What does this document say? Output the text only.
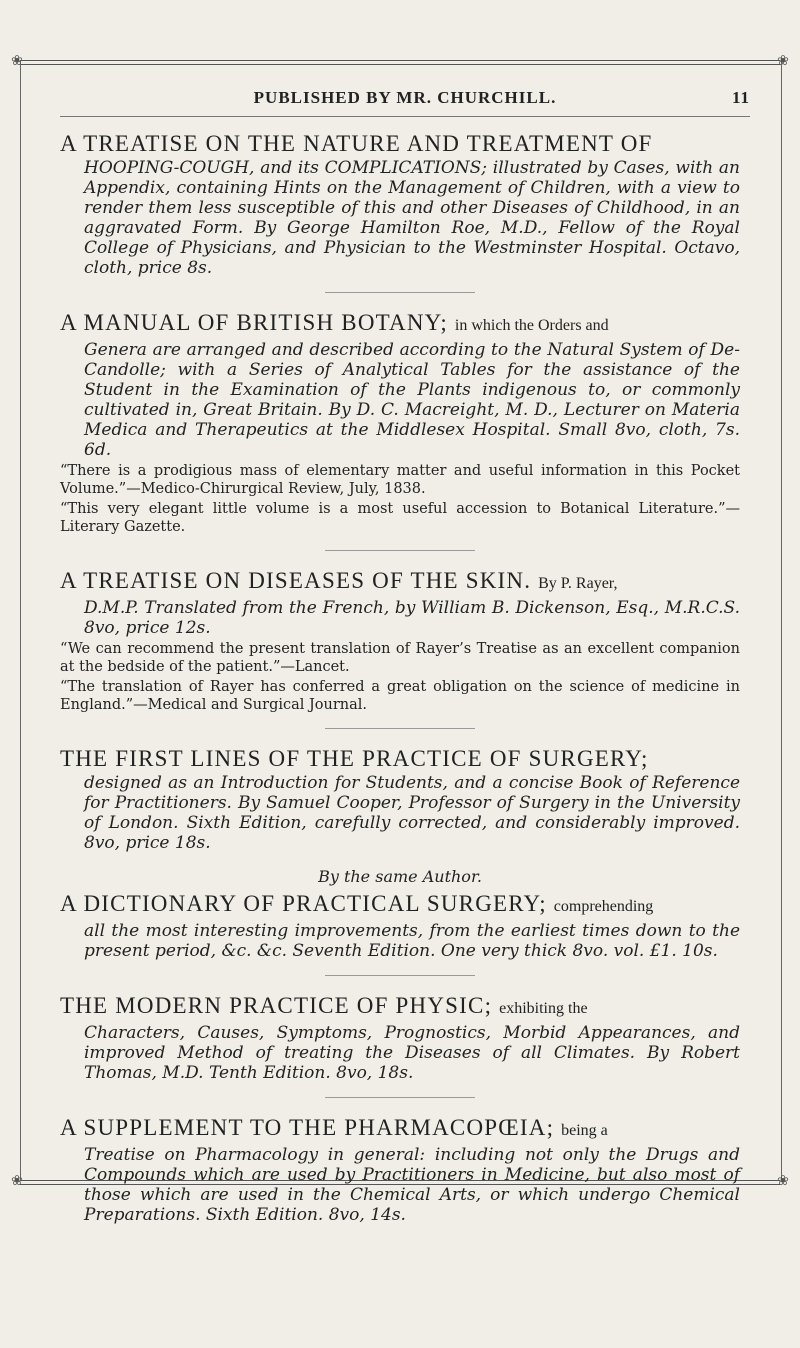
❀	❀
❀	❀
PUBLISHED BY MR. CHURCHILL.	11
A TREATISE ON THE NATURE AND TREATMENT OF
HOOPING-COUGH, and its COMPLICATIONS; illustrated by Cases, with an Appendix, containing Hints on the Management of Children, with a view to render them less susceptible of this and other Diseases of Childhood, in an aggravated Form. By George Hamilton Roe, M.D., Fellow of the Royal College of Physicians, and Physician to the Westminster Hospital. Octavo, cloth, price 8s.
A MANUAL OF BRITISH BOTANY; in which the Orders and
Genera are arranged and described according to the Natural System of De-Candolle; with a Series of Analytical Tables for the assistance of the Student in the Examination of the Plants indigenous to, or commonly cultivated in, Great Britain. By D. C. Macreight, M. D., Lecturer on Materia Medica and Therapeutics at the Middlesex Hospital. Small 8vo, cloth, 7s. 6d.
“There is a prodigious mass of elementary matter and useful information in this Pocket Volume.”—Medico-Chirurgical Review, July, 1838.
“This very elegant little volume is a most useful accession to Botanical Literature.”—Literary Gazette.
A TREATISE ON DISEASES OF THE SKIN. By P. Rayer,
D.M.P. Translated from the French, by William B. Dickenson, Esq., M.R.C.S. 8vo, price 12s.
“We can recommend the present translation of Rayer’s Treatise as an excellent companion at the bedside of the patient.”—Lancet.
“The translation of Rayer has conferred a great obligation on the science of medicine in England.”—Medical and Surgical Journal.
THE FIRST LINES OF THE PRACTICE OF SURGERY;
designed as an Introduction for Students, and a concise Book of Reference for Practitioners. By Samuel Cooper, Professor of Surgery in the University of London. Sixth Edition, carefully corrected, and considerably improved. 8vo, price 18s.
By the same Author.
A DICTIONARY OF PRACTICAL SURGERY; comprehending
all the most interesting improvements, from the earliest times down to the present period, &c. &c. Seventh Edition. One very thick 8vo. vol. £1. 10s.
THE MODERN PRACTICE OF PHYSIC; exhibiting the
Characters, Causes, Symptoms, Prognostics, Morbid Appearances, and improved Method of treating the Diseases of all Climates. By Robert Thomas, M.D. Tenth Edition. 8vo, 18s.
A SUPPLEMENT TO THE PHARMACOPŒIA; being a
Treatise on Pharmacology in general: including not only the Drugs and Compounds which are used by Practitioners in Medicine, but also most of those which are used in the Chemical Arts, or which undergo Chemical Preparations. Sixth Edition. 8vo, 14s.
